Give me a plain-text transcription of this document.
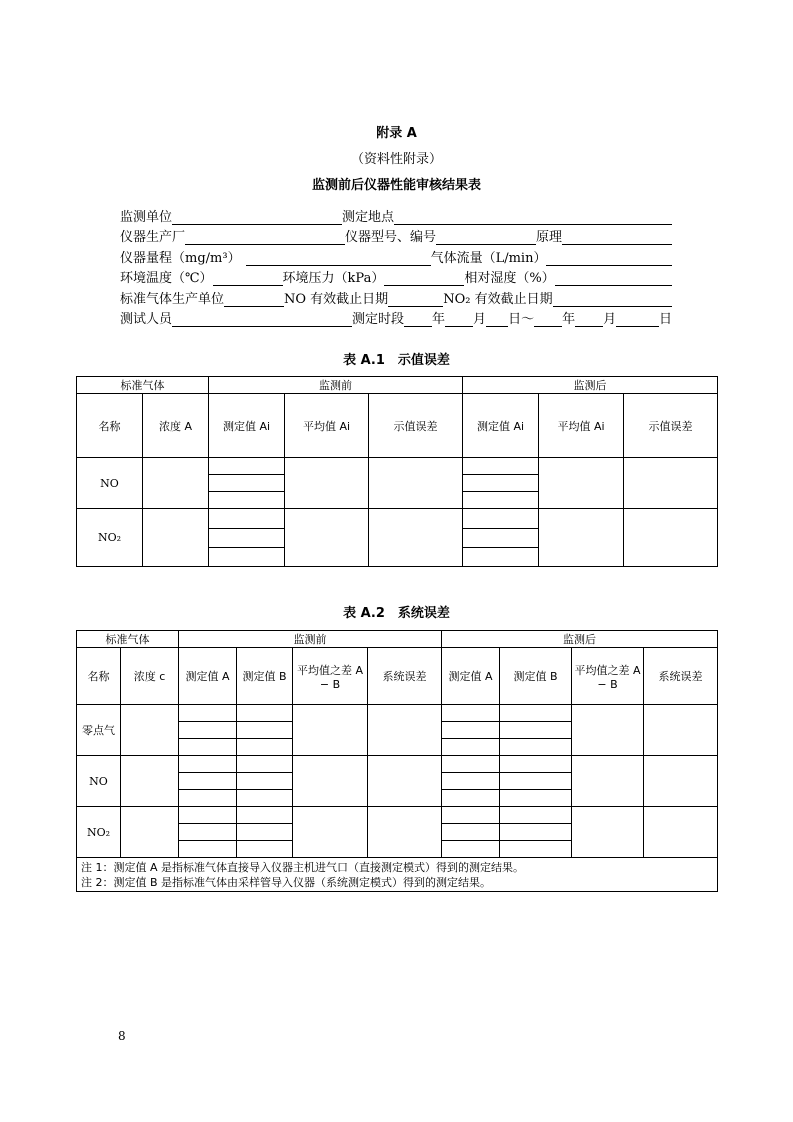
附录 A
（资料性附录）
监测前后仪器性能审核结果表
监测单位	测定地点
仪器生产厂	仪器型号、编号	原理
仪器量程（mg/m³）	气体流量（L/min）
环境温度（℃）	环境压力（kPa）	相对湿度（%）
标准气体生产单位	NO 有效截止日期	NO₂ 有效截止日期
测试人员	测定时段 年 月 日～ 年 月	日
表 A.1　示值误差
标准气体		监测前			监测后		
名称	浓度 A	测定值 Ai	平均值 Ai	示值误差	测定值 Ai	平均值 Ai	示值误差
NO							

NO₂							

表 A.2　系统误差
标准气体		监测前				监测后			
名称	浓度 c	测定值 A	测定值 B	平均值之差 A − B	系统误差	测定值 A	测定值 B	平均值之差 A − B	系统误差
零点气									

NO									

NO₂									

注 1：测定值 A 是指标准气体直接导入仪器主机进气口（直接测定模式）得到的测定结果。
注 2：测定值 B 是指标准气体由采样管导入仪器（系统测定模式）得到的测定结果。									
8
